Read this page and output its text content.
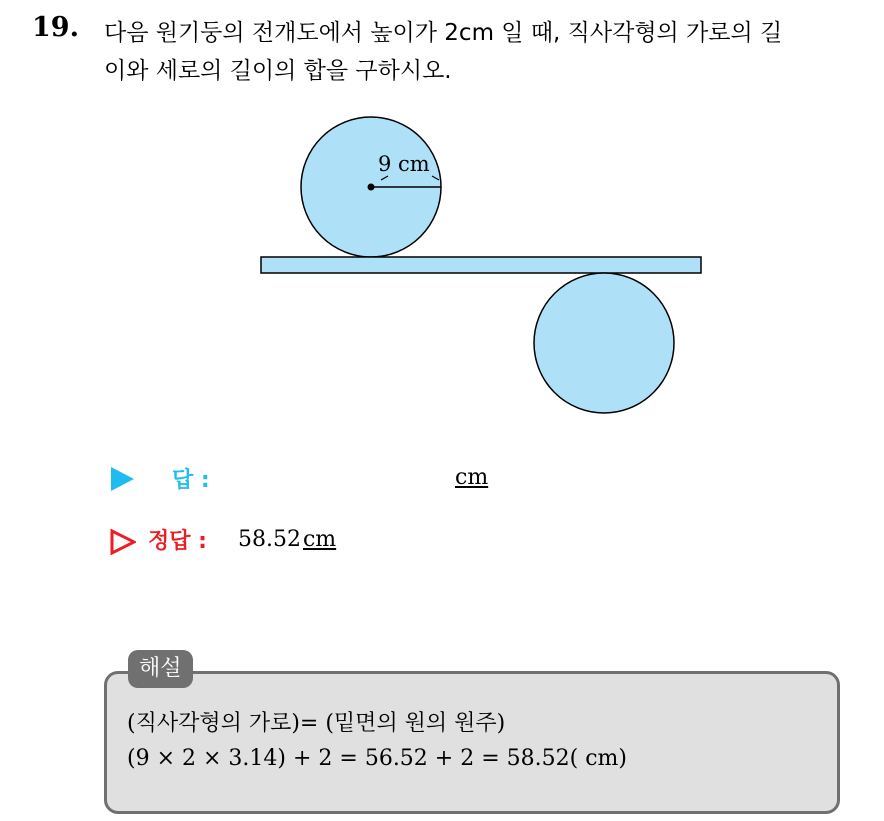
19. 다음 원기둥의 전개도에서 높이가 2cm 일 때, 직사각형의 가로의 길
이와 세로의 길이의 합을 구하시오.
9 cm
답 :	cm
정답 : 58.52cm
해설
(직사각형의 가로)= (밑면의 원의 원주)
(9 × 2 × 3.14) + 2 = 56.52 + 2 = 58.52( cm)
